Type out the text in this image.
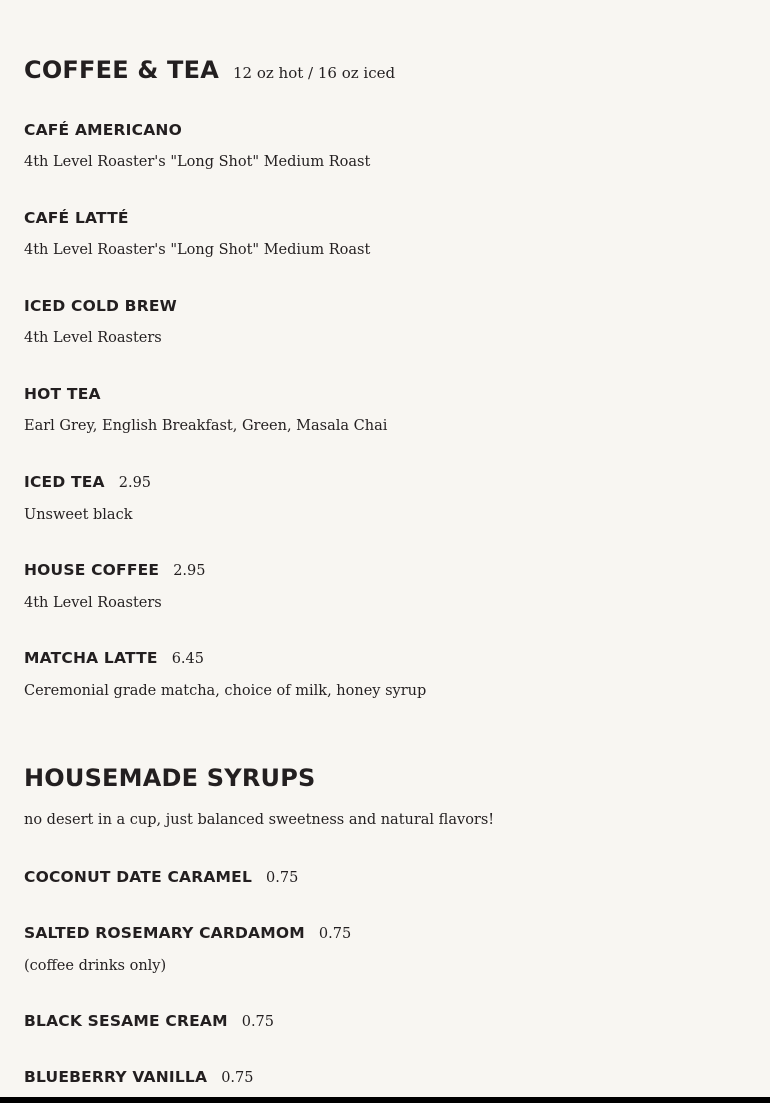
COFFEE & TEA 12 oz hot / 16 oz iced
CAFÉ AMERICANO
4th Level Roaster's "Long Shot" Medium Roast
CAFÉ LATTÉ
4th Level Roaster's "Long Shot" Medium Roast
ICED COLD BREW
4th Level Roasters
HOT TEA
Earl Grey, English Breakfast, Green, Masala Chai
ICED TEA 2.95
Unsweet black
HOUSE COFFEE 2.95
4th Level Roasters
MATCHA LATTE 6.45
Ceremonial grade matcha, choice of milk, honey syrup
HOUSEMADE SYRUPS
no desert in a cup, just balanced sweetness and natural flavors!
COCONUT DATE CARAMEL 0.75
SALTED ROSEMARY CARDAMOM 0.75
(coffee drinks only)
BLACK SESAME CREAM 0.75
BLUEBERRY VANILLA 0.75
